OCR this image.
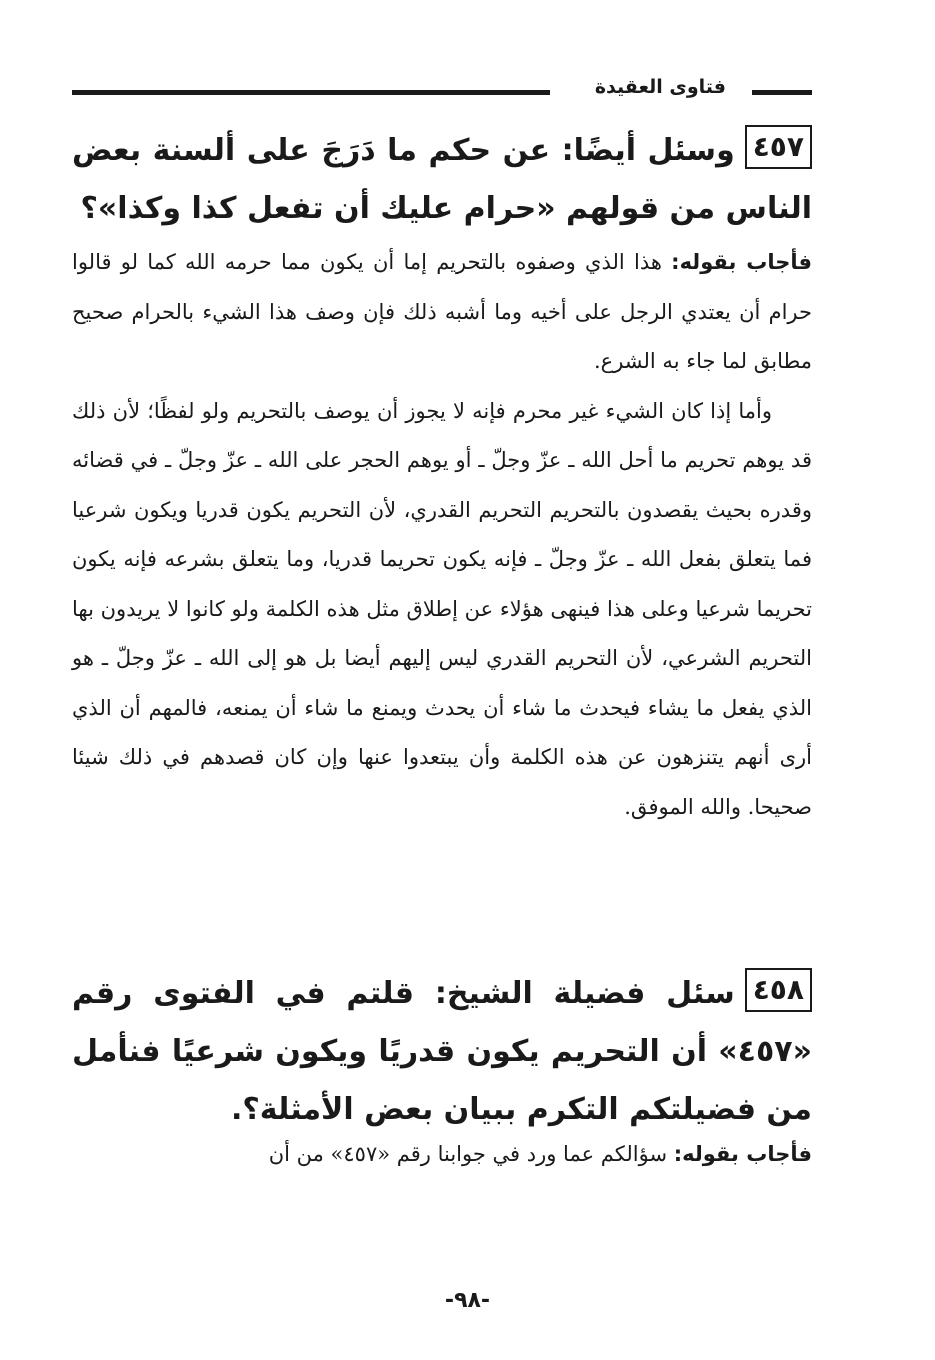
فتاوى العقيدة

٤٥٧وسئل أيضًا: عن حكم ما دَرَجَ على ألسنة بعض الناس من قولهم «حرام عليك أن تفعل كذا وكذا»؟

فأجاب بقوله: هذا الذي وصفوه بالتحريم إما أن يكون مما حرمه الله كما لو قالوا حرام أن يعتدي الرجل على أخيه وما أشبه ذلك فإن وصف هذا الشيء بالحرام صحيح مطابق لما جاء به الشرع.

وأما إذا كان الشيء غير محرم فإنه لا يجوز أن يوصف بالتحريم ولو لفظًا؛ لأن ذلك قد يوهم تحريم ما أحل الله ـ عزّ وجلّ ـ أو يوهم الحجر على الله ـ عزّ وجلّ ـ في قضائه وقدره بحيث يقصدون بالتحريم التحريم القدري، لأن التحريم يكون قدريا ويكون شرعيا فما يتعلق بفعل الله ـ عزّ وجلّ ـ فإنه يكون تحريما قدريا، وما يتعلق بشرعه فإنه يكون تحريما شرعيا وعلى هذا فينهى هؤلاء عن إطلاق مثل هذه الكلمة ولو كانوا لا يريدون بها التحريم الشرعي، لأن التحريم القدري ليس إليهم أيضا بل هو إلى الله ـ عزّ وجلّ ـ هو الذي يفعل ما يشاء فيحدث ما شاء أن يحدث ويمنع ما شاء أن يمنعه، فالمهم أن الذي أرى أنهم يتنزهون عن هذه الكلمة وأن يبتعدوا عنها وإن كان قصدهم في ذلك شيئا صحيحا. والله الموفق.

٤٥٨سئل فضيلة الشيخ: قلتم في الفتوى رقم «٤٥٧» أن التحريم يكون قدريًا ويكون شرعيًا فنأمل من فضيلتكم التكرم ببيان بعض الأمثلة؟.

فأجاب بقوله: سؤالكم عما ورد في جوابنا رقم «٤٥٧» من أن

-٩٨-
